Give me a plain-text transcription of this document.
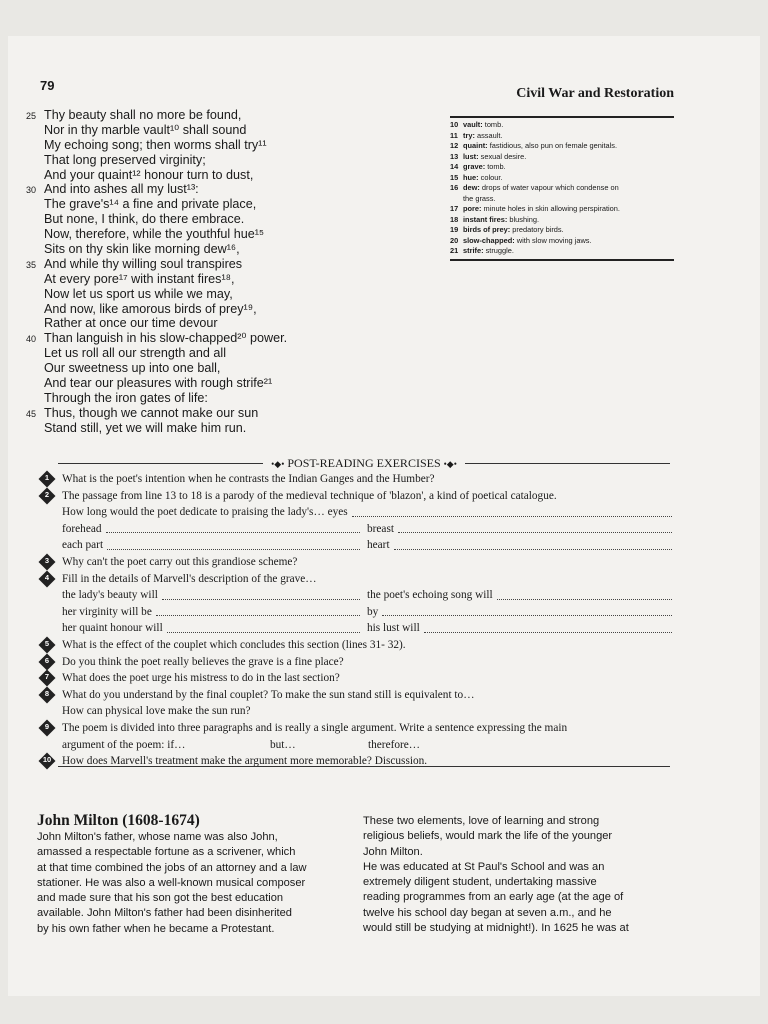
79
Civil War and Restoration
25 Thy beauty shall no more be found,
Nor in thy marble vault¹⁰ shall sound
My echoing song; then worms shall try¹¹
That long preserved virginity;
And your quaint¹² honour turn to dust,
30 And into ashes all my lust¹³:
The grave's¹⁴ a fine and private place,
But none, I think, do there embrace.
Now, therefore, while the youthful hue¹⁵
Sits on thy skin like morning dew¹⁶,
35 And while thy willing soul transpires
At every pore¹⁷ with instant fires¹⁸,
Now let us sport us while we may,
And now, like amorous birds of prey¹⁹,
Rather at once our time devour
40 Than languish in his slow-chapped²⁰ power.
Let us roll all our strength and all
Our sweetness up into one ball,
And tear our pleasures with rough strife²¹
Through the iron gates of life:
45 Thus, though we cannot make our sun
Stand still, yet we will make him run.
10 vault: tomb.
11 try: assault.
12 quaint: fastidious, also pun on female genitals.
13 lust: sexual desire.
14 grave: tomb.
15 hue: colour.
16 dew: drops of water vapour which condense on
the grass.
17 pore: minute holes in skin allowing perspiration.
18 instant fires: blushing.
19 birds of prey: predatory birds.
20 slow-chapped: with slow moving jaws.
21 strife: struggle.
•◆• POST-READING EXERCISES •◆•
1	What is the poet's intention when he contrasts the Indian Ganges and the Humber?
2	The passage from line 13 to 18 is a parody of the medieval technique of 'blazon', a kind of poetical catalogue.
How long would the poet dedicate to praising the lady's… eyes
forehead	breast
each part	heart
3	Why can't the poet carry out this grandiose scheme?
4	Fill in the details of Marvell's description of the grave…
the lady's beauty will	the poet's echoing song will
her virginity will be	by
her quaint honour will	his lust will
5	What is the effect of the couplet which concludes this section (lines 31- 32).
6	Do you think the poet really believes the grave is a fine place?
7	What does the poet urge his mistress to do in the last section?
8	What do you understand by the final couplet? To make the sun stand still is equivalent to…
How can physical love make the sun run?
9	The poem is divided into three paragraphs and is really a single argument. Write a sentence expressing the main
argument of the poem: if…	but…	therefore…
10 How does Marvell's treatment make the argument more memorable? Discussion.
John Milton (1608-1674)
John Milton's father, whose name was also John,
amassed a respectable fortune as a scrivener, which
at that time combined the jobs of an attorney and a law
stationer. He was also a well-known musical composer
and made sure that his son got the best education
available. John Milton's father had been disinherited
by his own father when he became a Protestant.
These two elements, love of learning and strong
religious beliefs, would mark the life of the younger
John Milton.
He was educated at St Paul's School and was an
extremely diligent student, undertaking massive
reading programmes from an early age (at the age of
twelve his school day began at seven a.m., and he
would still be studying at midnight!). In 1625 he was at
